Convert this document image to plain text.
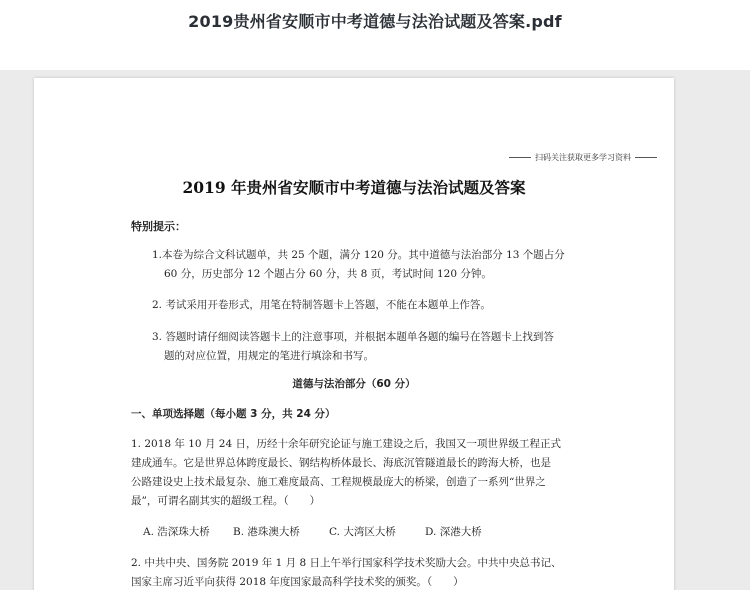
2019贵州省安顺市中考道德与法治试题及答案.pdf
扫码关注获取更多学习资料
2019 年贵州省安顺市中考道德与法治试题及答案
特别提示：
1.本卷为综合文科试题单，共 25 个题，满分 120 分。其中道德与法治部分 13 个题占分
60 分，历史部分 12 个题占分 60 分，共 8 页，考试时间 120 分钟。
2. 考试采用开卷形式，用笔在特制答题卡上答题，不能在本题单上作答。
3. 答题时请仔细阅读答题卡上的注意事项，并根据本题单各题的编号在答题卡上找到答
题的对应位置，用规定的笔进行填涂和书写。
道德与法治部分（60 分）
一、单项选择题（每小题 3 分，共 24 分）
1. 2018 年 10 月 24 日，历经十余年研究论证与施工建设之后，我国又一项世界级工程正式
建成通车。它是世界总体跨度最长、钢结构桥体最长、海底沉管隧道最长的跨海大桥，也是
公路建设史上技术最复杂、施工难度最高、工程规模最庞大的桥梁，创造了一系列“世界之
最”，可谓名副其实的超级工程。（　　）
A. 浩深珠大桥	B. 港珠澳大桥	C. 大湾区大桥	D. 深港大桥
2. 中共中央、国务院 2019 年 1 月 8 日上午举行国家科学技术奖励大会。中共中央总书记、
国家主席习近平向获得 2018 年度国家最高科学技术奖的颁奖。（　　）
